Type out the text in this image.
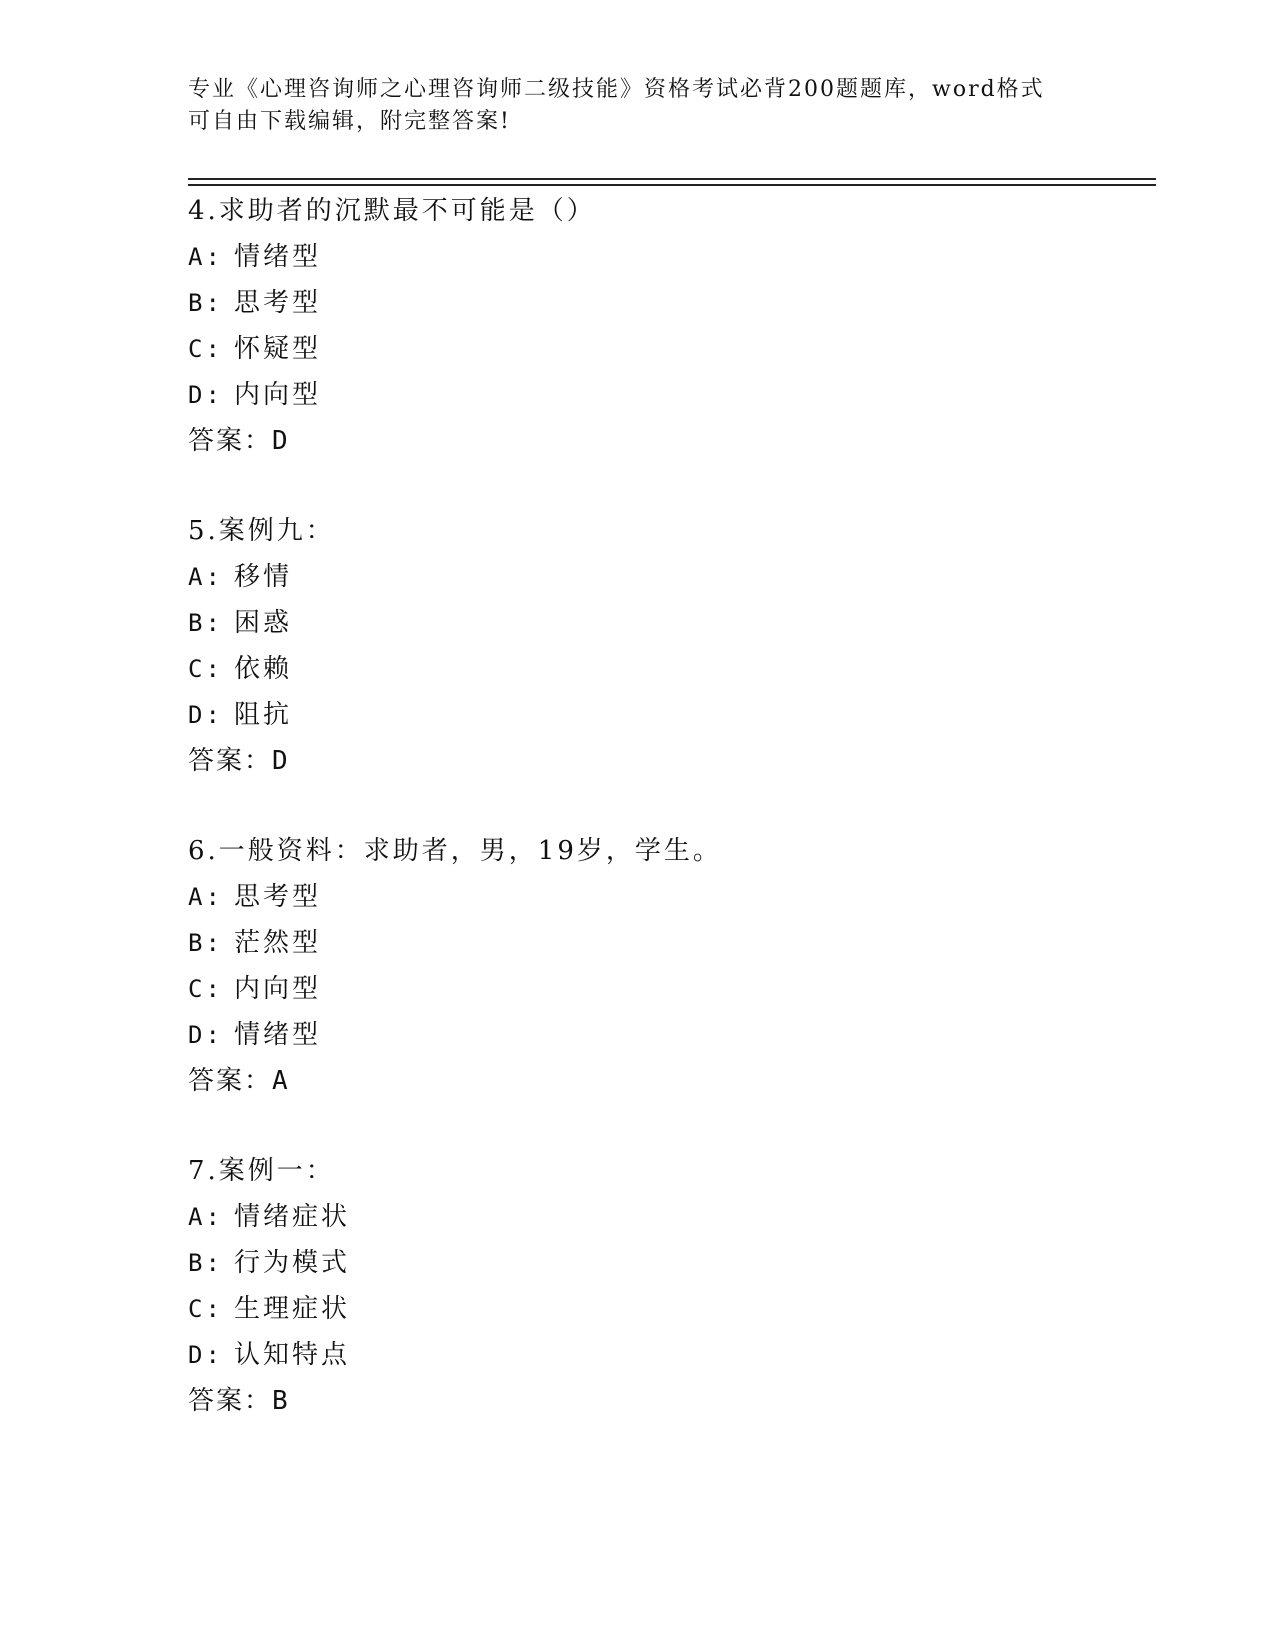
专业《心理咨询师之心理咨询师二级技能》资格考试必背200题题库，word格式
可自由下载编辑，附完整答案!
4.求助者的沉默最不可能是（）
A: 情绪型
B: 思考型
C: 怀疑型
D: 内向型
答案：D
5.案例九：
A: 移情
B: 困惑
C: 依赖
D: 阻抗
答案：D
6.一般资料：求助者，男，19岁，学生。
A: 思考型
B: 茫然型
C: 内向型
D: 情绪型
答案：A
7.案例一：
A: 情绪症状
B: 行为模式
C: 生理症状
D: 认知特点
答案：B
